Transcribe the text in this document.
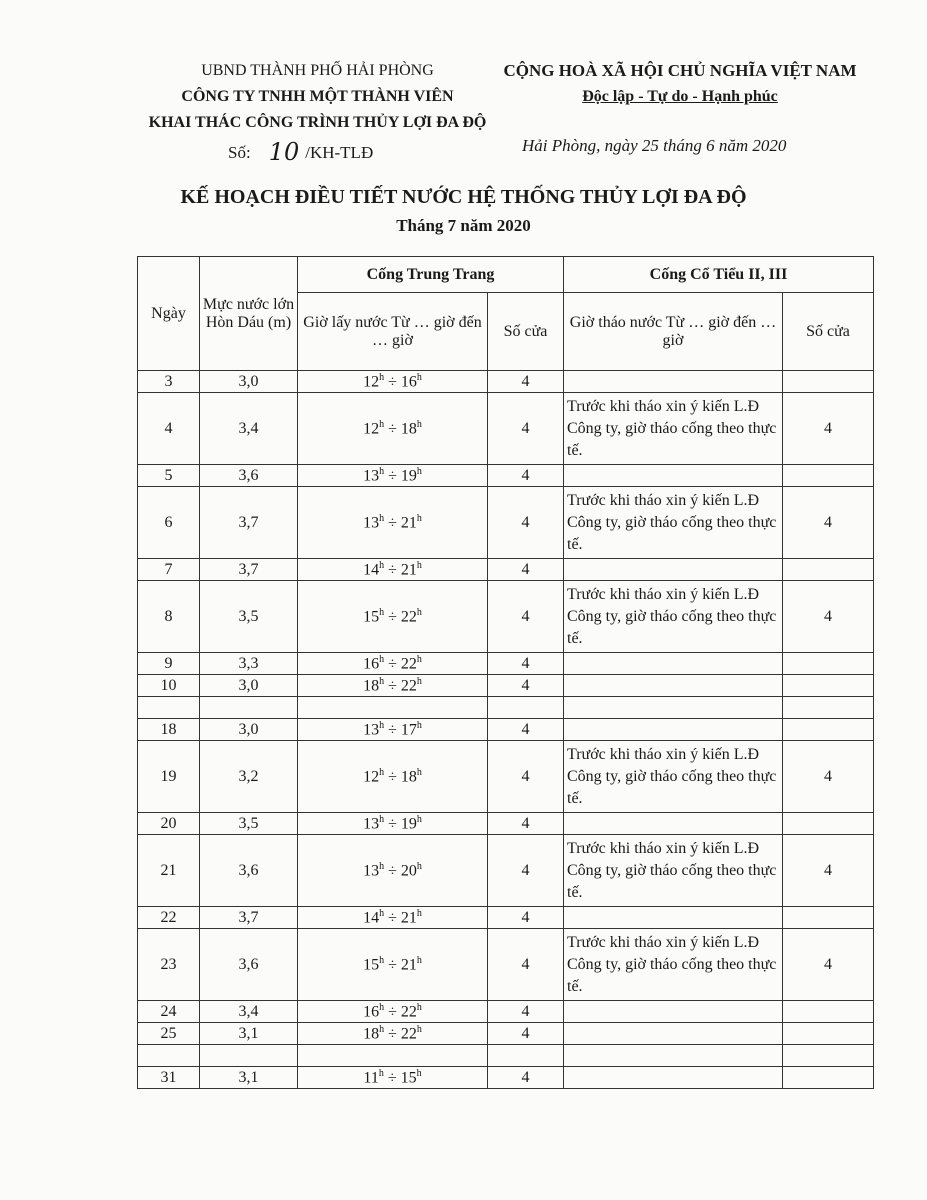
UBND THÀNH PHỐ HẢI PHÒNG
CÔNG TY TNHH MỘT THÀNH VIÊN
KHAI THÁC CÔNG TRÌNH THỦY LỢI ĐA ĐỘ
CỘNG HOÀ XÃ HỘI CHỦ NGHĨA VIỆT NAM
Độc lập - Tự do - Hạnh phúc
Số: 10 /KH-TLĐ	Hải Phòng, ngày 25 tháng 6 năm 2020
KẾ HOẠCH ĐIỀU TIẾT NƯỚC HỆ THỐNG THỦY LỢI ĐA ĐỘ
Tháng 7 năm 2020
Ngày	Mực nước lớn Hòn Dáu (m)	Cống Trung Trang		Cống Cổ Tiểu II, III	
		Giờ lấy nước Từ … giờ đến … giờ	Số cửa	Giờ tháo nước Từ … giờ đến … giờ	Số cửa
3	3,0	$12^h \div 16^h$	4		
4	3,4	$12^h \div 18^h$	4	Trước khi tháo xin ý kiến L.Đ Công ty, giờ tháo cống theo thực tế.	4
5	3,6	$13^h \div 19^h$	4		
6	3,7	$13^h \div 21^h$	4	Trước khi tháo xin ý kiến L.Đ Công ty, giờ tháo cống theo thực tế.	4
7	3,7	$14^h \div 21^h$	4		
8	3,5	$15^h \div 22^h$	4	Trước khi tháo xin ý kiến L.Đ Công ty, giờ tháo cống theo thực tế.	4
9	3,3	$16^h \div 22^h$	4		
10	3,0	$18^h \div 22^h$	4		

18	3,0	$13^h \div 17^h$	4		
19	3,2	$12^h \div 18^h$	4	Trước khi tháo xin ý kiến L.Đ Công ty, giờ tháo cống theo thực tế.	4
20	3,5	$13^h \div 19^h$	4		
21	3,6	$13^h \div 20^h$	4	Trước khi tháo xin ý kiến L.Đ Công ty, giờ tháo cống theo thực tế.	4
22	3,7	$14^h \div 21^h$	4		
23	3,6	$15^h \div 21^h$	4	Trước khi tháo xin ý kiến L.Đ Công ty, giờ tháo cống theo thực tế.	4
24	3,4	$16^h \div 22^h$	4		
25	3,1	$18^h \div 22^h$	4		

31	3,1	$11^h \div 15^h$	4		
